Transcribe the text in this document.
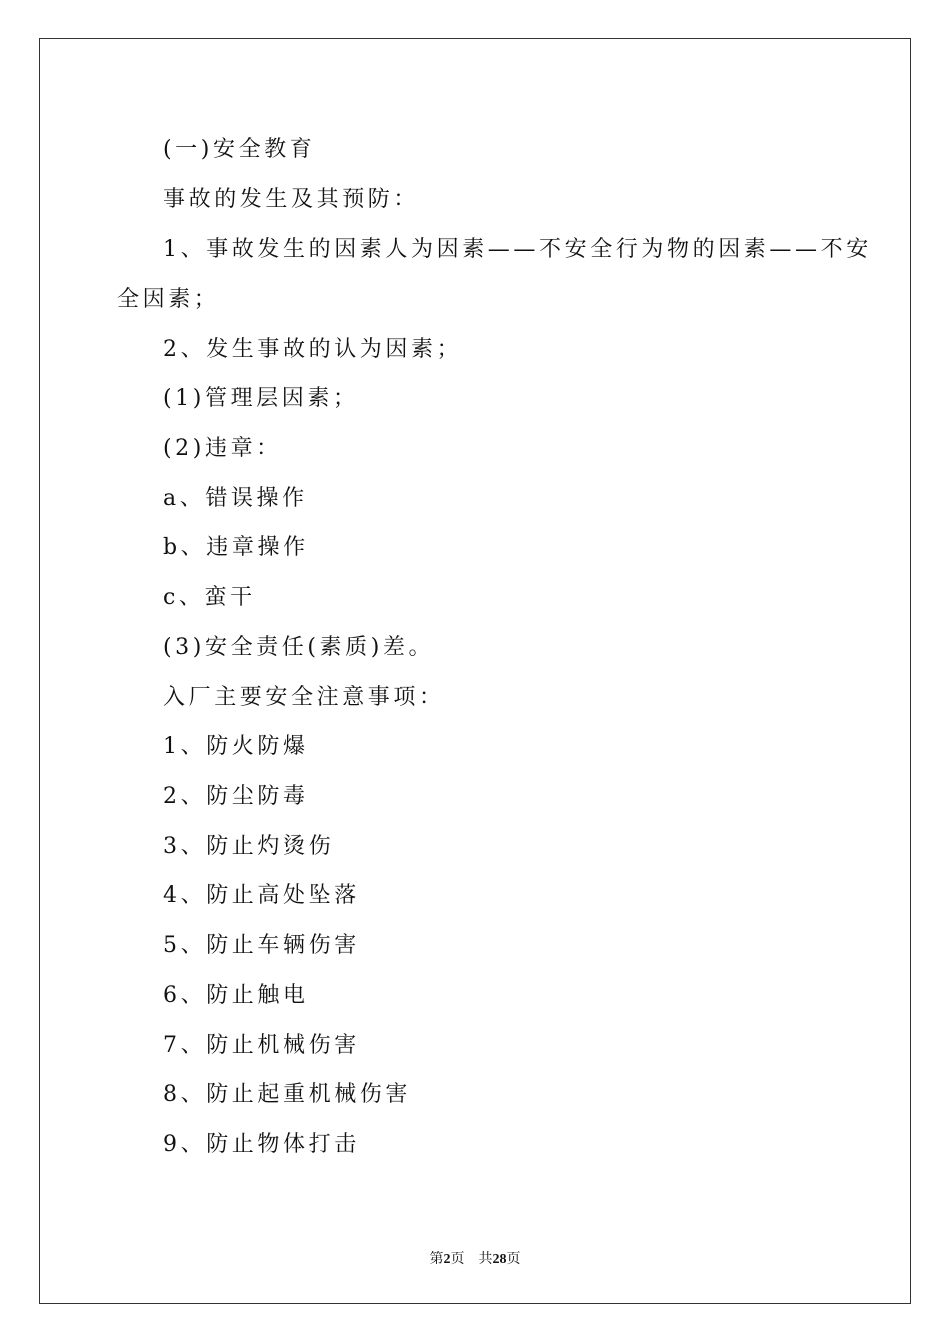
(一)安全教育
事故的发生及其预防：
1、事故发生的因素人为因素——不安全行为物的因素——不安
全因素；
2、发生事故的认为因素；
(1)管理层因素；
(2)违章：
a、错误操作
b、违章操作
c、蛮干
(3)安全责任(素质)差。
入厂主要安全注意事项：
1、防火防爆
2、防尘防毒
3、防止灼烫伤
4、防止高处坠落
5、防止车辆伤害
6、防止触电
7、防止机械伤害
8、防止起重机械伤害
9、防止物体打击
第2页 共28页
